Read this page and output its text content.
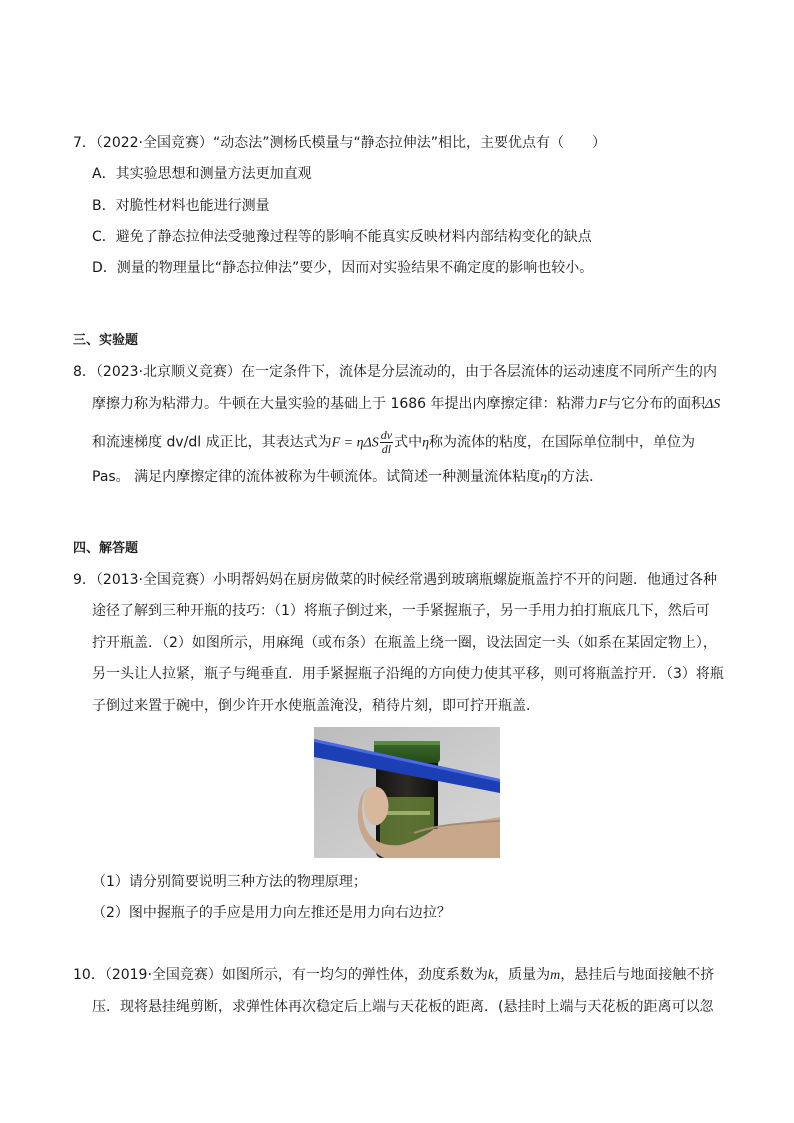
7．（2022·全国竞赛）“动态法”测杨氏模量与“静态拉伸法”相比，主要优点有（　　）
A．其实验思想和测量方法更加直观
B．对脆性材料也能进行测量
C．避免了静态拉伸法受驰豫过程等的影响不能真实反映材料内部结构变化的缺点
D．测量的物理量比“静态拉伸法”要少，因而对实验结果不确定度的影响也较小。
三、实验题
8．（2023·北京顺义竞赛）在一定条件下，流体是分层流动的，由于各层流体的运动速度不同所产生的内
摩擦力称为粘滞力。牛顿在大量实验的基础上于 1686 年提出内摩擦定律：粘滞力F与它分布的面积ΔS
和流速梯度 dv/dl 成正比，其表达式为F = ηΔS $\frac{dv}{dl}$ 式中η称为流体的粘度，在国际单位制中，单位为
Pas。 满足内摩擦定律的流体被称为牛顿流体。试简述一种测量流体粘度η的方法．
四、解答题
9．（2013·全国竞赛）小明帮妈妈在厨房做菜的时候经常遇到玻璃瓶螺旋瓶盖拧不开的问题．他通过各种
途径了解到三种开瓶的技巧：（1）将瓶子倒过来，一手紧握瓶子，另一手用力拍打瓶底几下，然后可
拧开瓶盖．（2）如图所示，用麻绳（或布条）在瓶盖上绕一圈，设法固定一头（如系在某固定物上），
另一头让人拉紧，瓶子与绳垂直．用手紧握瓶子沿绳的方向使力使其平移，则可将瓶盖拧开．（3）将瓶
子倒过来置于碗中，倒少许开水使瓶盖淹没，稍待片刻，即可拧开瓶盖．
（1）请分别简要说明三种方法的物理原理；
（2）图中握瓶子的手应是用力向左推还是用力向右边拉？
10．（2019·全国竞赛）如图所示，有一均匀的弹性体，劲度系数为k，质量为m，悬挂后与地面接触不挤
压．现将悬挂绳剪断，求弹性体再次稳定后上端与天花板的距离．(悬挂时上端与天花板的距离可以忽
